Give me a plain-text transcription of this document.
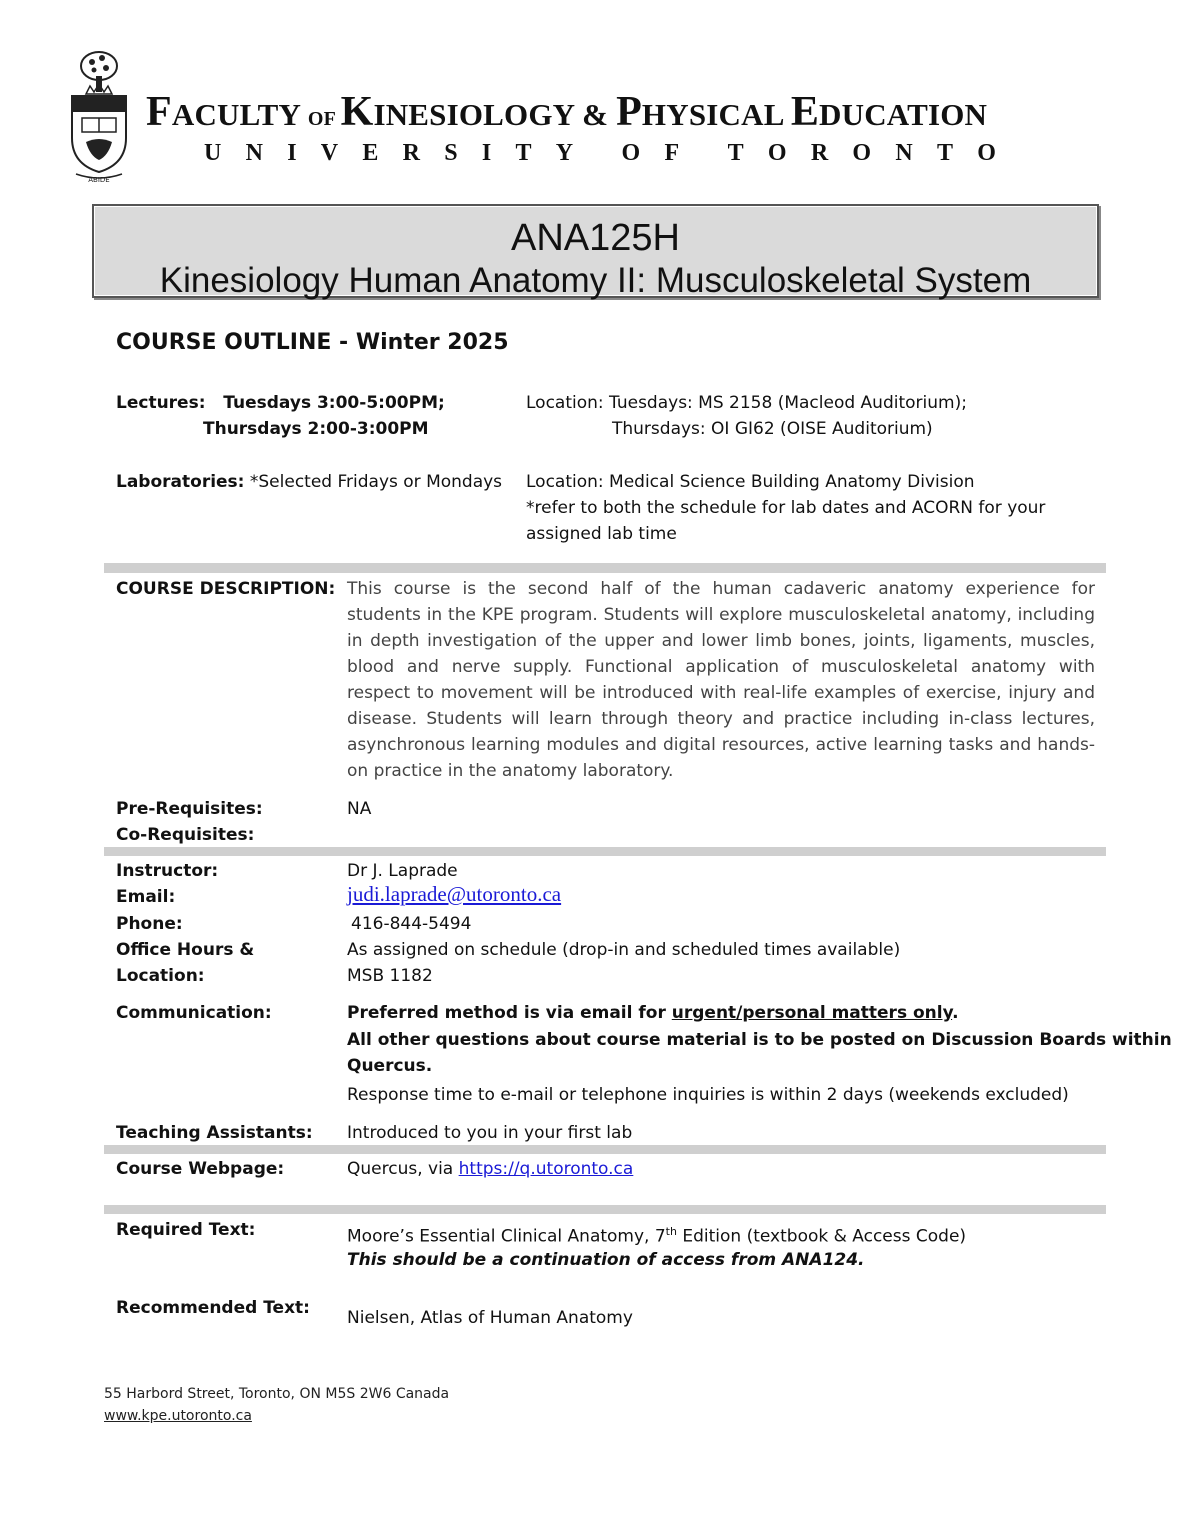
ABIDE
FACULTY OF KINESIOLOGY & PHYSICAL EDUCATION
U N I V E R S I T Y O F T O R O N T O
ANA125H
Kinesiology Human Anatomy II: Musculoskeletal System
COURSE OUTLINE - Winter 2025
Lectures: Tuesdays 3:00-5:00PM;
Thursdays 2:00-3:00PM
Location: Tuesdays: MS 2158 (Macleod Auditorium);
Thursdays: OI GI62 (OISE Auditorium)
Laboratories: *Selected Fridays or Mondays Location: Medical Science Building Anatomy Division
*refer to both the schedule for lab dates and ACORN for your
assigned lab time
COURSE DESCRIPTION: This course is the second half of the human cadaveric anatomy experience for students in the KPE program. Students will explore musculoskeletal anatomy, including in depth investigation of the upper and lower limb bones, joints, ligaments, muscles, blood and nerve supply. Functional application of musculoskeletal anatomy with respect to movement will be introduced with real-life examples of exercise, injury and disease. Students will learn through theory and practice including in-class lectures, asynchronous learning modules and digital resources, active learning tasks and hands-on practice in the anatomy laboratory.
Pre-Requisites:	NA
Co-Requisites:
Instructor:	Dr J. Laprade
Email:	judi.laprade@utoronto.ca
Phone:	416-844-5494
Office Hours &	As assigned on schedule (drop-in and scheduled times available)
Location:	MSB 1182
Communication:	Preferred method is via email for urgent/personal matters only.
All other questions about course material is to be posted on Discussion Boards within
Quercus.
Response time to e-mail or telephone inquiries is within 2 days (weekends excluded)
Teaching Assistants: Introduced to you in your first lab
Course Webpage:	Quercus, via https://q.utoronto.ca
Required Text:	Moore’s Essential Clinical Anatomy, 7th Edition (textbook & Access Code)
This should be a continuation of access from ANA124.
Recommended Text: Nielsen, Atlas of Human Anatomy
55 Harbord Street, Toronto, ON M5S 2W6 Canada
www.kpe.utoronto.ca
